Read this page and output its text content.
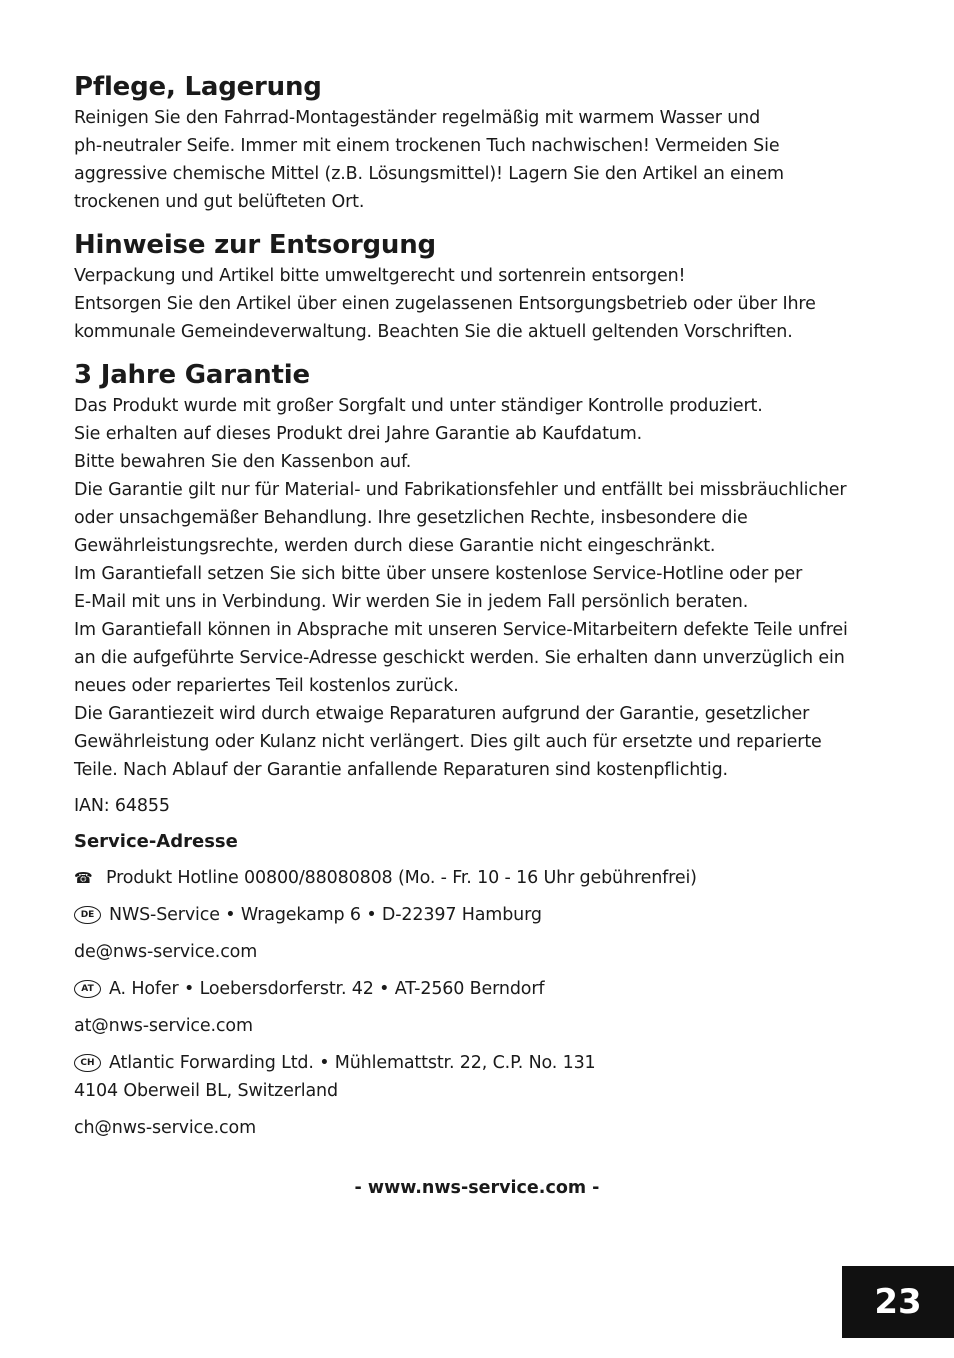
Pflege, Lagerung

Reinigen Sie den Fahrrad-Montageständer regelmäßig mit warmem Wasser und
ph-neutraler Seife. Immer mit einem trockenen Tuch nachwischen! Vermeiden Sie
aggressive chemische Mittel (z.B. Lösungsmittel)! Lagern Sie den Artikel an einem
trockenen und gut belüfteten Ort.

Hinweise zur Entsorgung

Verpackung und Artikel bitte umweltgerecht und sortenrein entsorgen!
Entsorgen Sie den Artikel über einen zugelassenen Entsorgungsbetrieb oder über Ihre
kommunale Gemeindeverwaltung. Beachten Sie die aktuell geltenden Vorschriften.

3 Jahre Garantie

Das Produkt wurde mit großer Sorgfalt und unter ständiger Kontrolle produziert.
Sie erhalten auf dieses Produkt drei Jahre Garantie ab Kaufdatum.
Bitte bewahren Sie den Kassenbon auf.
Die Garantie gilt nur für Material- und Fabrikationsfehler und entfällt bei missbräuchlicher
oder unsachgemäßer Behandlung. Ihre gesetzlichen Rechte, insbesondere die
Gewährleistungsrechte, werden durch diese Garantie nicht eingeschränkt.
Im Garantiefall setzen Sie sich bitte über unsere kostenlose Service-Hotline oder per
E-Mail mit uns in Verbindung. Wir werden Sie in jedem Fall persönlich beraten.
Im Garantiefall können in Absprache mit unseren Service-Mitarbeitern defekte Teile unfrei
an die aufgeführte Service-Adresse geschickt werden. Sie erhalten dann unverzüglich ein
neues oder repariertes Teil kostenlos zurück.
Die Garantiezeit wird durch etwaige Reparaturen aufgrund der Garantie, gesetzlicher
Gewährleistung oder Kulanz nicht verlängert. Dies gilt auch für ersetzte und reparierte
Teile. Nach Ablauf der Garantie anfallende Reparaturen sind kostenpflichtig.

IAN: 64855

Service-Adresse

☎ Produkt Hotline 00800/88080808 (Mo. - Fr. 10 - 16 Uhr gebührenfrei)
DE NWS-Service • Wragekamp 6 • D-22397 Hamburg

de@nws-service.com

AT A. Hofer • Loebersdorferstr. 42 • AT-2560 Berndorf

at@nws-service.com

CH Atlantic Forwarding Ltd. • Mühlemattstr. 22, C.P. No. 131

4104 Oberweil BL, Switzerland

ch@nws-service.com

- www.nws-service.com -
23
